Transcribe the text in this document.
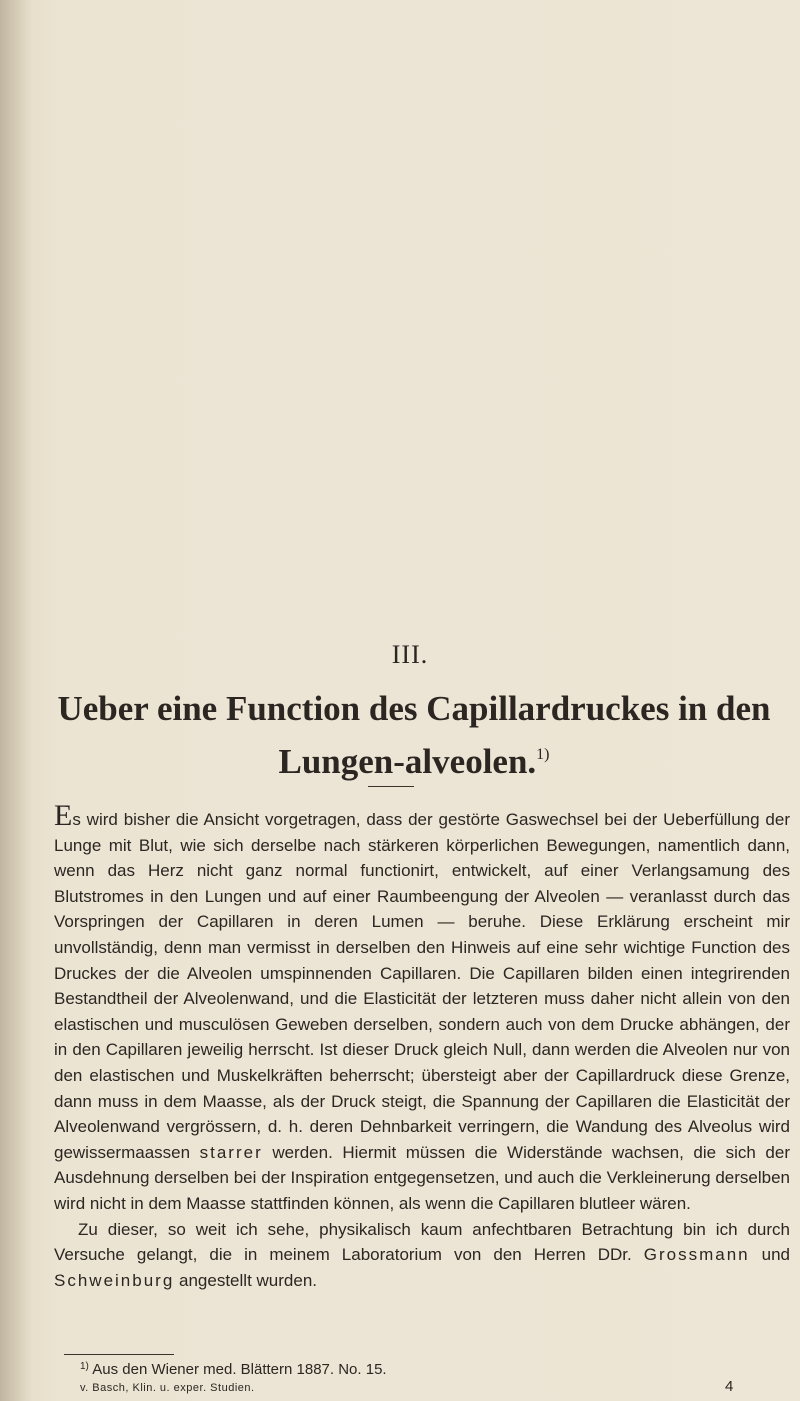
III.
Ueber eine Function des Capillardruckes in den Lungen-alveolen.$^{1)}$

Es wird bisher die Ansicht vorgetragen, dass der gestörte Gaswechsel bei der Ueberfüllung der Lunge mit Blut, wie sich derselbe nach stärkeren körperlichen Bewegungen, namentlich dann, wenn das Herz nicht ganz normal functionirt, entwickelt, auf einer Verlangsamung des Blutstromes in den Lungen und auf einer Raumbeengung der Alveolen — veranlasst durch das Vorspringen der Capillaren in deren Lumen — beruhe. Diese Erklärung erscheint mir unvollständig, denn man vermisst in derselben den Hinweis auf eine sehr wichtige Function des Druckes der die Alveolen umspinnenden Capillaren. Die Capillaren bilden einen integrirenden Bestandtheil der Alveolenwand, und die Elasticität der letzteren muss daher nicht allein von den elastischen und musculösen Geweben derselben, sondern auch von dem Drucke abhängen, der in den Capillaren jeweilig herrscht. Ist dieser Druck gleich Null, dann werden die Alveolen nur von den elastischen und Muskelkräften beherrscht; übersteigt aber der Capillardruck diese Grenze, dann muss in dem Maasse, als der Druck steigt, die Spannung der Capillaren die Elasticität der Alveolenwand vergrössern, d. h. deren Dehnbarkeit verringern, die Wandung des Alveolus wird gewissermaassen starrer werden. Hiermit müssen die Widerstände wachsen, die sich der Ausdehnung derselben bei der Inspiration entgegensetzen, und auch die Verkleinerung derselben wird nicht in dem Maasse stattfinden können, als wenn die Capillaren blutleer wären.

Zu dieser, so weit ich sehe, physikalisch kaum anfechtbaren Betrachtung bin ich durch Versuche gelangt, die in meinem Laboratorium von den Herren DDr. Grossmann und Schweinburg angestellt wurden.

$^{1)}$ Aus den Wiener med. Blättern 1887. No. 15.
v. Basch, Klin. u. exper. Studien.	4
